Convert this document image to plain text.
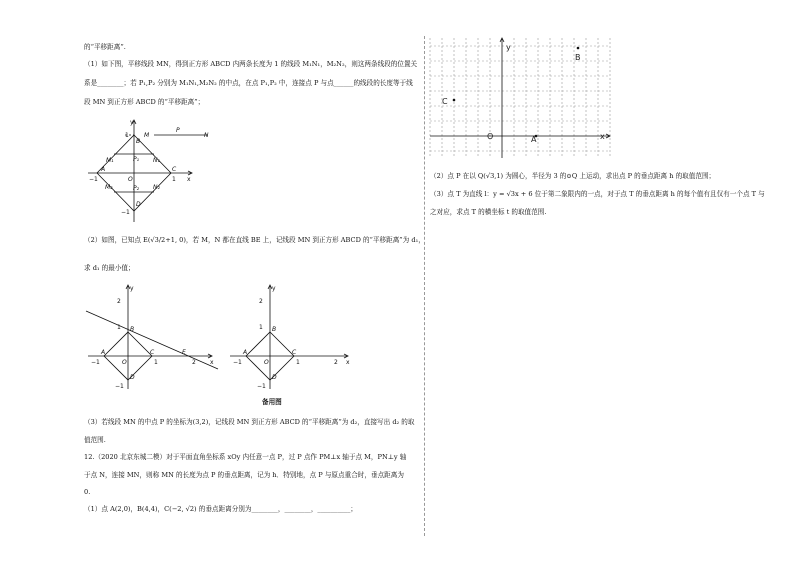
的“平移距离”.
（1）如下图，平移线段 MN，得到正方形 ABCD 内两条长度为 1 的线段 M₁N₁，M₂N₂，则这两条线段的位置关
系是________；若 P₁,P₂ 分别为 M₁N₁,M₂N₂ 的中点，在点 P₁,P₂ 中，连接点 P 与点______的线段的长度等于线
段 MN 到正方形 ABCD 的“平移距离”；
y
x
1	M
P
N
B
M₁	P₁ N₁
−1
A
O
C
1
M₂	P₂ N₂
D
−1
（2）如图，已知点 E(√3/2+1, 0)，若 M，N 都在直线 BE 上，记线段 MN 到正方形 ABCD 的“平移距离”为 d₁，
求 d₁ 的最小值；
y
2
1 B
A
−1	O
C
1
E
2 x
D
−1
y
2
1 B
A
−1	O
C
1	2 x
D
−1
备用图
（3）若线段 MN 的中点 P 的坐标为(3,2)，记线段 MN 到正方形 ABCD 的“平移距离”为 d₂，直接写出 d₂ 的取
值范围.
12.（2020 北京东城二模）对于平面直角坐标系 xOy 内任意一点 P，过 P 点作 PM⊥x 轴于点 M，PN⊥y 轴
于点 N，连接 MN，则称 MN 的长度为点 P 的垂点距离，记为 h．特别地，点 P 与原点重合时，垂点距离为
0.
（1）点 A(2,0)，B(4,4)，C(−2, √2) 的垂点距离分别为________，________，__________；
y
x
O	A
B
C
（2）点 P 在以 Q(√3,1) 为圆心，半径为 3 的⊙Q 上运动，求出点 P 的垂点距离 h 的取值范围；
（3）点 T 为直线 l：y = √3x + 6 位于第二象限内的一点，对于点 T 的垂点距离 h 的每个值有且仅有一个点 T 与
之对应，求点 T 的横坐标 t 的取值范围.
